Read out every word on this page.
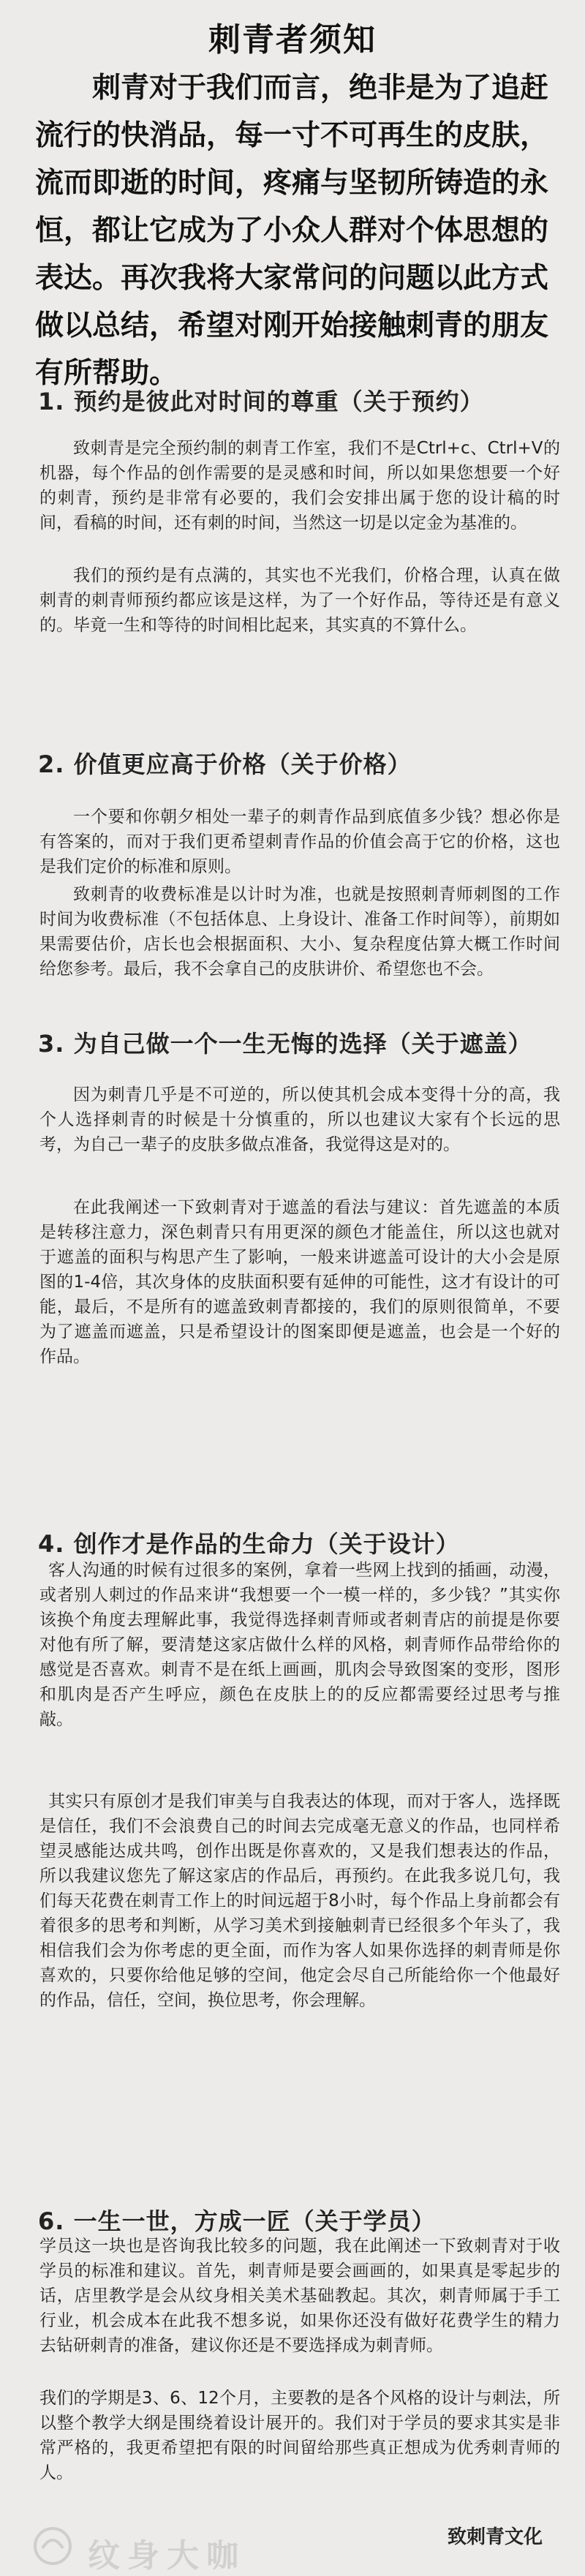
刺青者须知

刺青对于我们而言，绝非是为了追赶流行的快消品，每一寸不可再生的皮肤，流而即逝的时间，疼痛与坚韧所铸造的永恒，都让它成为了小众人群对个体思想的表达。再次我将大家常问的问题以此方式做以总结，希望对刚开始接触刺青的朋友有所帮助。

1. 预约是彼此对时间的尊重（关于预约）

致刺青是完全预约制的刺青工作室，我们不是Ctrl+c、Ctrl+V的机器，每个作品的创作需要的是灵感和时间，所以如果您想要一个好的刺青，预约是非常有必要的，我们会安排出属于您的设计稿的时间，看稿的时间，还有刺的时间，当然这一切是以定金为基准的。

我们的预约是有点满的，其实也不光我们，价格合理，认真在做刺青的刺青师预约都应该是这样，为了一个好作品，等待还是有意义的。毕竟一生和等待的时间相比起来，其实真的不算什么。

2. 价值更应高于价格（关于价格）

一个要和你朝夕相处一辈子的刺青作品到底值多少钱？想必你是有答案的，而对于我们更希望刺青作品的价值会高于它的价格，这也是我们定价的标准和原则。

致刺青的收费标准是以计时为准，也就是按照刺青师刺图的工作时间为收费标准（不包括体息、上身设计、准备工作时间等），前期如果需要估价，店长也会根据面积、大小、复杂程度估算大概工作时间给您参考。最后，我不会拿自己的皮肤讲价、希望您也不会。

3. 为自己做一个一生无悔的选择（关于遮盖）

因为刺青几乎是不可逆的，所以使其机会成本变得十分的高，我个人选择刺青的时候是十分慎重的，所以也建议大家有个长远的思考，为自己一辈子的皮肤多做点准备，我觉得这是对的。

在此我阐述一下致刺青对于遮盖的看法与建议：首先遮盖的本质是转移注意力，深色刺青只有用更深的颜色才能盖住，所以这也就对于遮盖的面积与构思产生了影响，一般来讲遮盖可设计的大小会是原图的1-4倍，其次身体的皮肤面积要有延伸的可能性，这才有设计的可能，最后，不是所有的遮盖致刺青都接的，我们的原则很简单，不要为了遮盖而遮盖，只是希望设计的图案即便是遮盖，也会是一个好的作品。

4. 创作才是作品的生命力（关于设计）

客人沟通的时候有过很多的案例，拿着一些网上找到的插画，动漫，或者别人刺过的作品来讲“我想要一个一模一样的，多少钱？”其实你该换个角度去理解此事，我觉得选择刺青师或者刺青店的前提是你要对他有所了解，要清楚这家店做什么样的风格，刺青师作品带给你的感觉是否喜欢。刺青不是在纸上画画，肌肉会导致图案的变形，图形和肌肉是否产生呼应，颜色在皮肤上的的反应都需要经过思考与推敲。

其实只有原创才是我们审美与自我表达的体现，而对于客人，选择既是信任，我们不会浪费自己的时间去完成毫无意义的作品，也同样希望灵感能达成共鸣，创作出既是你喜欢的，又是我们想表达的作品，所以我建议您先了解这家店的作品后，再预约。在此我多说几句，我们每天花费在刺青工作上的时间远超于8小时，每个作品上身前都会有着很多的思考和判断，从学习美术到接触刺青已经很多个年头了，我相信我们会为你考虑的更全面，而作为客人如果你选择的刺青师是你喜欢的，只要你给他足够的空间，他定会尽自己所能给你一个他最好的作品，信任，空间，换位思考，你会理解。

6. 一生一世，方成一匠（关于学员）

学员这一块也是咨询我比较多的问题，我在此阐述一下致刺青对于收学员的标准和建议。首先，刺青师是要会画画的，如果真是零起步的话，店里教学是会从纹身相关美术基础教起。其次，刺青师属于手工行业，机会成本在此我不想多说，如果你还没有做好花费学生的精力去钻研刺青的准备，建议你还是不要选择成为刺青师。

我们的学期是3、6、12个月，主要教的是各个风格的设计与刺法，所以整个教学大纲是围绕着设计展开的。我们对于学员的要求其实是非常严格的，我更希望把有限的时间留给那些真正想成为优秀刺青师的人。

纹身大咖	致刺青文化
